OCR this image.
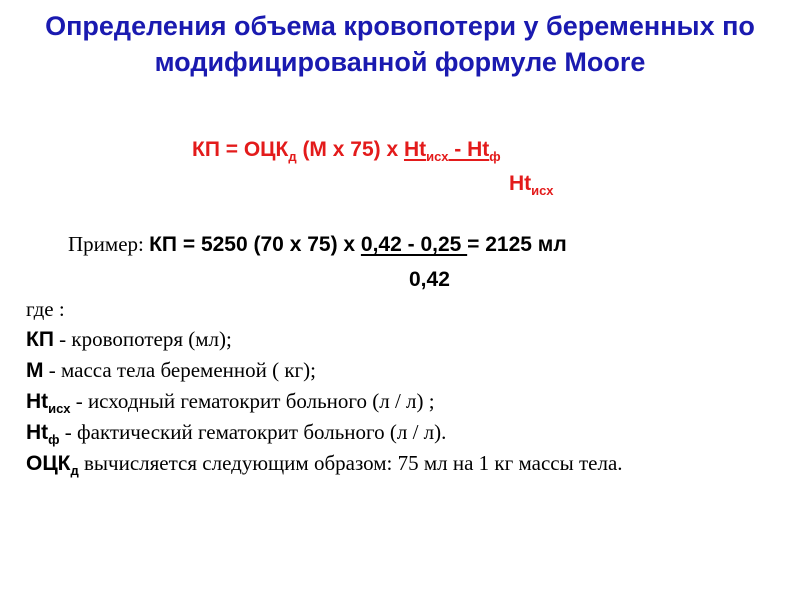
Определения объема кровопотери у беременных по модифицированной формуле Moore
КП = $ОЦК_д$ (М х 75) х $Ht_{исх} - Ht_ф$
$Ht_{исх}$
Пример: КП = 5250 (70 х 75) х 0,42 - 0,25 = 2125 мл
0,42
где :
КП - кровопотеря (мл);
М - масса тела беременной ( кг);
$Ht_{исх}$ - исходный гематокрит больного (л / л) ;
$Ht_ф$ - фактический гематокрит больного (л / л).
$ОЦК_д$ вычисляется следующим образом: 75 мл на 1 кг массы тела.
